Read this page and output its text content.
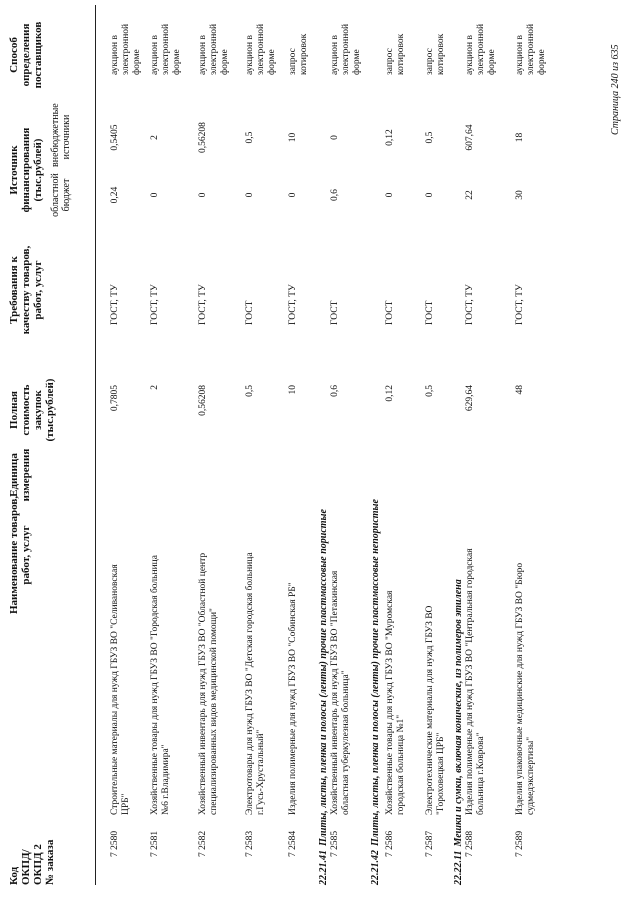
Код ОКПД/ ОКПД 2 № заказа
Наименование товаров, работ, услуг
Единица измерения
Полная стоимость закупок (тыс.рублей)
Требования к качеству товаров, работ, услуг
Источник финансирования (тыс.рублей) областной бюджет
внебюджетные источники
Способ определения поставщиков
7 2580
Строительные материалы для нужд ГБУЗ ВО "Селивановская ЦРБ"
0,7805
ГОСТ, ТУ
0,24
0,5405
аукцион в электронной форме
7 2581
Хозяйственные товары для нужд ГБУЗ ВО "Городская больница №6 г.Владимира"
2
ГОСТ, ТУ
0
2
аукцион в электронной форме
7 2582
Хозяйственный инвентарь для нужд ГБУЗ ВО "Областной центр специализированных видов медицинской помощи"
0,56208
ГОСТ, ТУ
0
0,56208
аукцион в электронной форме
7 2583
Электротовары для нужд ГБУЗ ВО "Детская городская больница г.Гусь-Хрустальный"
0,5
ГОСТ
0
0,5
аукцион в электронной форме
7 2584
Изделия полимерные для нужд ГБУЗ ВО "Собинская РБ"
10
ГОСТ, ТУ
0
10
запрос котировок
22.21.41Плиты, листы, пленка и полосы (ленты) прочие пластмассовые пористые 7 2585
Хозяйственный инвентарь для нужд ГБУЗ ВО "Петакинская областная туберкулезная больница"
0,6
ГОСТ
0,6
0
аукцион в электронной форме
22.21.42Плиты, листы, пленка и полосы (ленты) прочие пластмассовые непористые 7 2586
Хозяйственные товары для нужд ГБУЗ ВО "Муромская городская больница №1"
0,12
ГОСТ
0
0,12
запрос котировок
7 2587
Электротехнические материалы для нужд ГБУЗ ВО "Гороховецкая ЦРБ"
0,5
ГОСТ
0
0,5
запрос котировок
22.22.11Мешки и сумки, включая конические, из полимеров этилена 7 2588
Изделия полимерные для нужд ГБУЗ ВО "Центральная городская больница г.Коврова"
629,64
ГОСТ, ТУ
22
607,64
аукцион в электронной форме
7 2589
Изделия упаковочные медицинские для нужд ГБУЗ ВО "Бюро судмедэкспертизы"
48
ГОСТ, ТУ
30
18
аукцион в электронной форме	Страница 240 из 635
